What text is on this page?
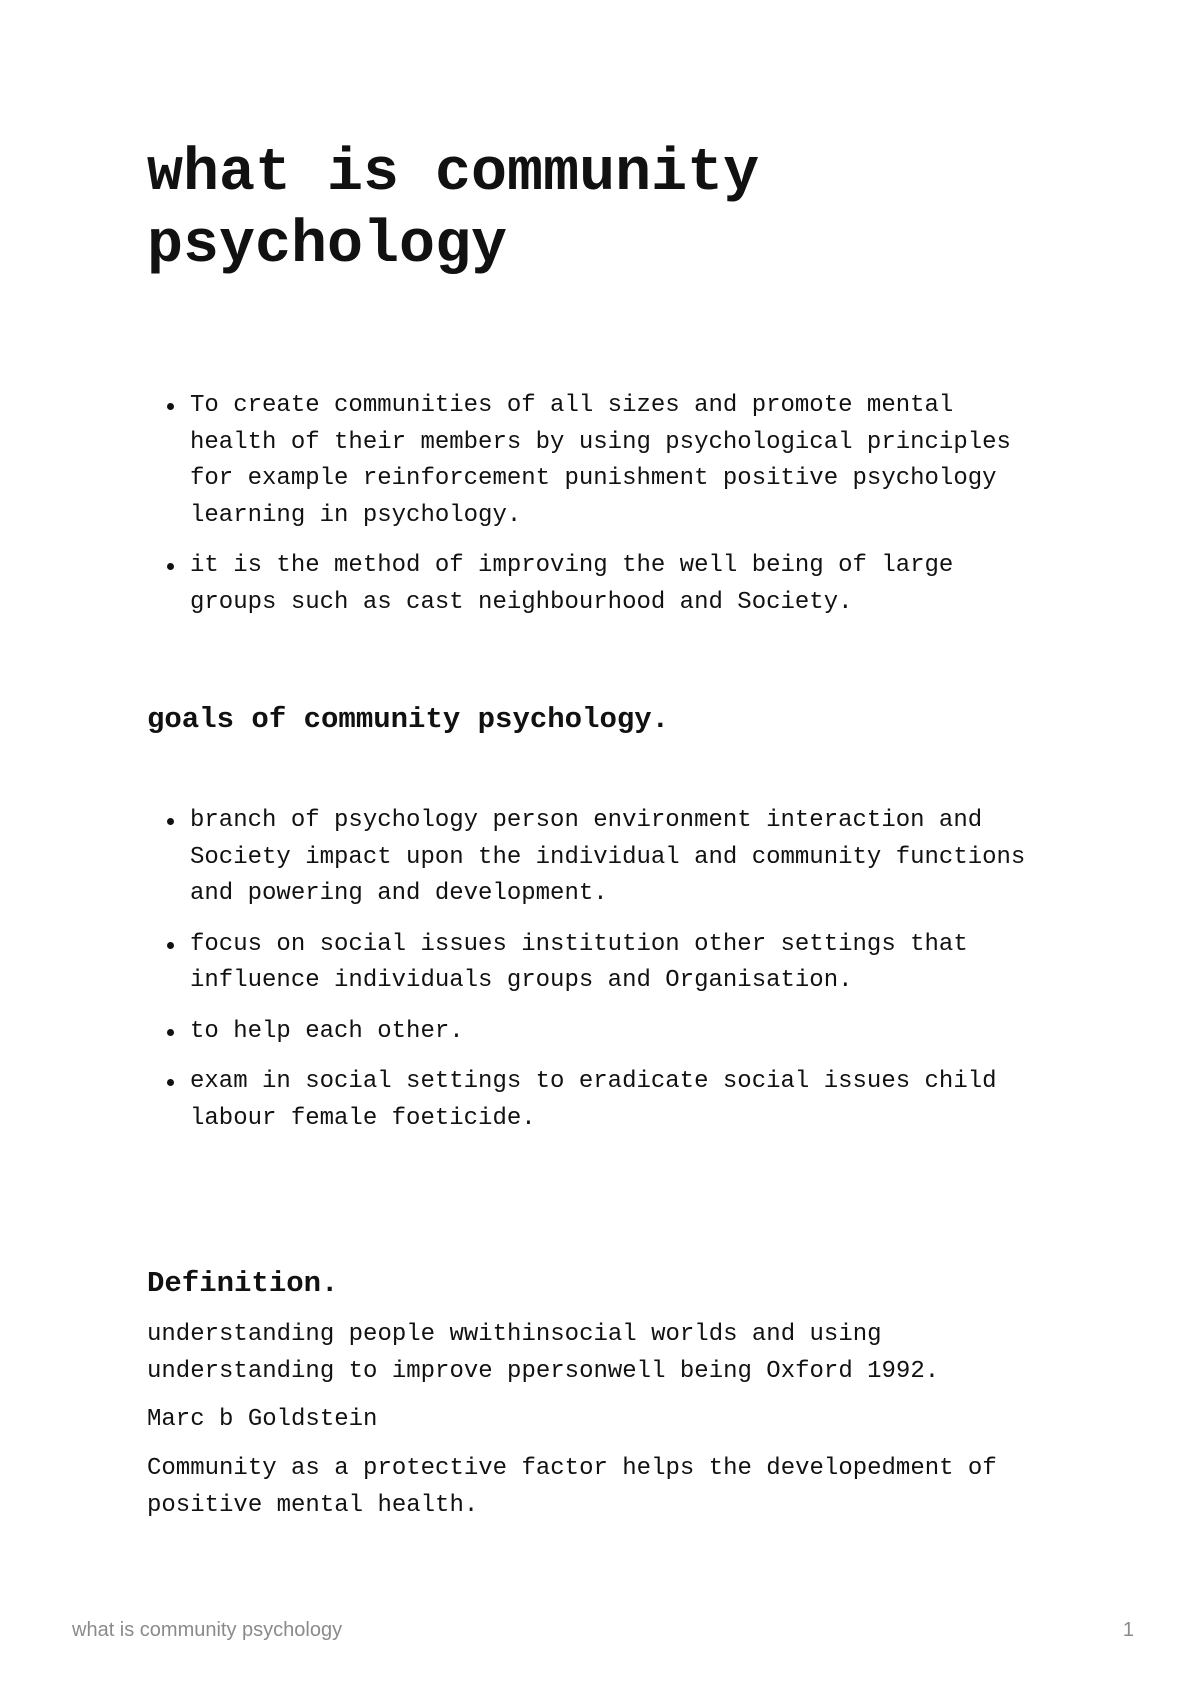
what is community psychology
To create communities of all sizes and promote mental
health of their members by using psychological principles
for example reinforcement punishment positive psychology
learning in psychology.
it is the method of improving the well being of large
groups such as cast neighbourhood and Society.
goals of community psychology.
branch of psychology person environment interaction and
Society impact upon the individual and community functions
and powering and development.
focus on social issues institution other settings that
influence individuals groups and Organisation.
to help each other.
exam in social settings to eradicate social issues child
labour female foeticide.
Definition.

understanding people wwithinsocial worlds and using
understanding to improve ppersonwell being Oxford 1992.

Marc b Goldstein

Community as a protective factor helps the developedment of
positive mental health.

what is community psychology	1
